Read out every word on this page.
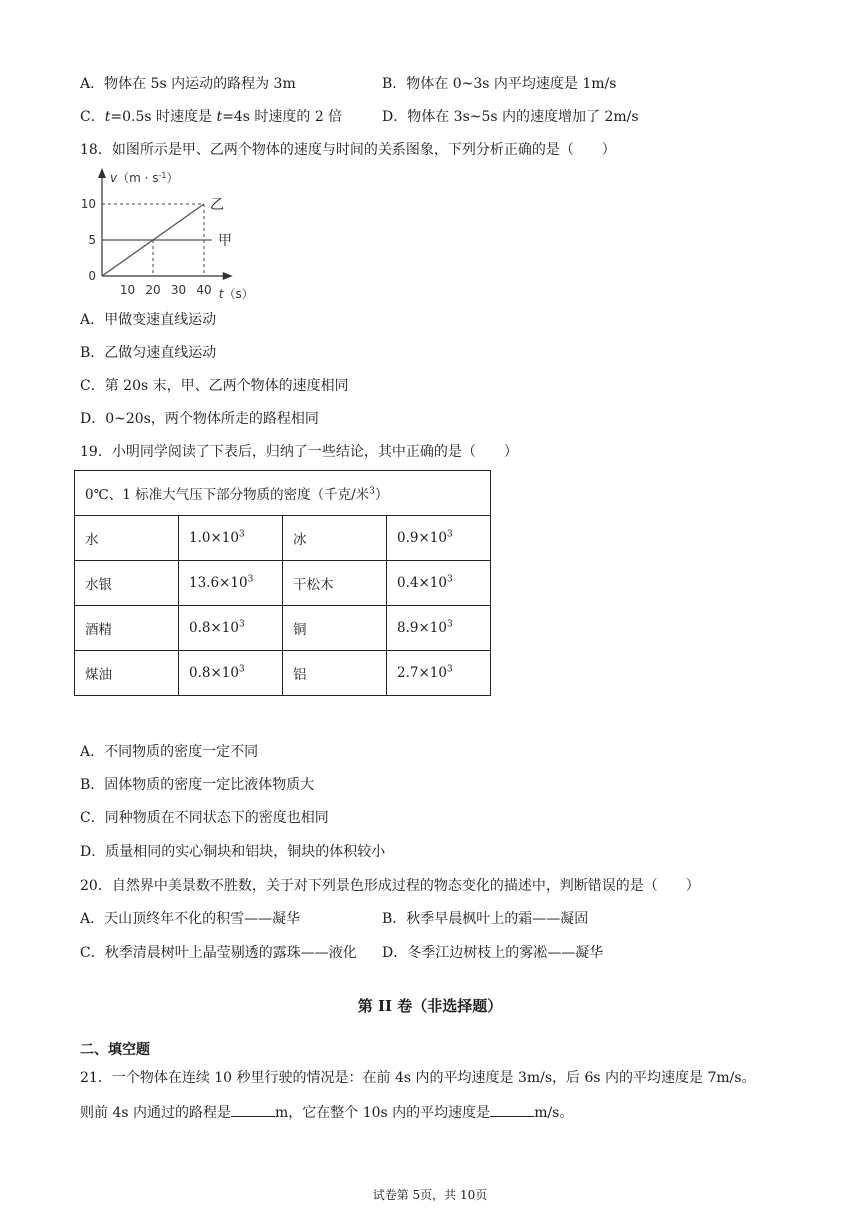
A．物体在 5s 内运动的路程为 3m	B．物体在 0~3s 内平均速度是 1m/s
C．t=0.5s 时速度是 t=4s 时速度的 2 倍	D．物体在 3s~5s 内的速度增加了 2m/s
18．如图所示是甲、乙两个物体的速度与时间的关系图象，下列分析正确的是（　　）
$v(m \cdot s^{-1})$
t（s）
10 20 30 40
0
5
10
甲
乙
A．甲做变速直线运动
B．乙做匀速直线运动
C．第 20s 末，甲、乙两个物体的速度相同
D．0~20s，两个物体所走的路程相同
19．小明同学阅读了下表后，归纳了一些结论，其中正确的是（　　）
0℃、1 标准大气压下部分物质的密度（千克/米$^3$）			
水	$1.0\times 10^3$	冰	$0.9\times 10^3$
水银	$13.6\times 10^3$	干松木	$0.4\times 10^3$
酒精	$0.8\times 10^3$	铜	$8.9\times 10^3$
煤油	$0.8\times 10^3$	铝	$2.7\times 10^3$
A．不同物质的密度一定不同
B．固体物质的密度一定比液体物质大
C．同种物质在不同状态下的密度也相同
D．质量相同的实心铜块和铝块，铜块的体积较小
20．自然界中美景数不胜数，关于对下列景色形成过程的物态变化的描述中，判断错误的是（　　）
A．天山顶终年不化的积雪——凝华	B．秋季早晨枫叶上的霜——凝固
C．秋季清晨树叶上晶莹剔透的露珠——液化 D．冬季江边树枝上的雾凇——凝华
第 II 卷（非选择题）
二、填空题
21．一个物体在连续 10 秒里行驶的情况是：在前 4s 内的平均速度是 3m/s，后 6s 内的平均速度是 7m/s。
则前 4s 内通过的路程是	m，它在整个 10s 内的平均速度是	m/s。
试卷第 5页，共 10页
